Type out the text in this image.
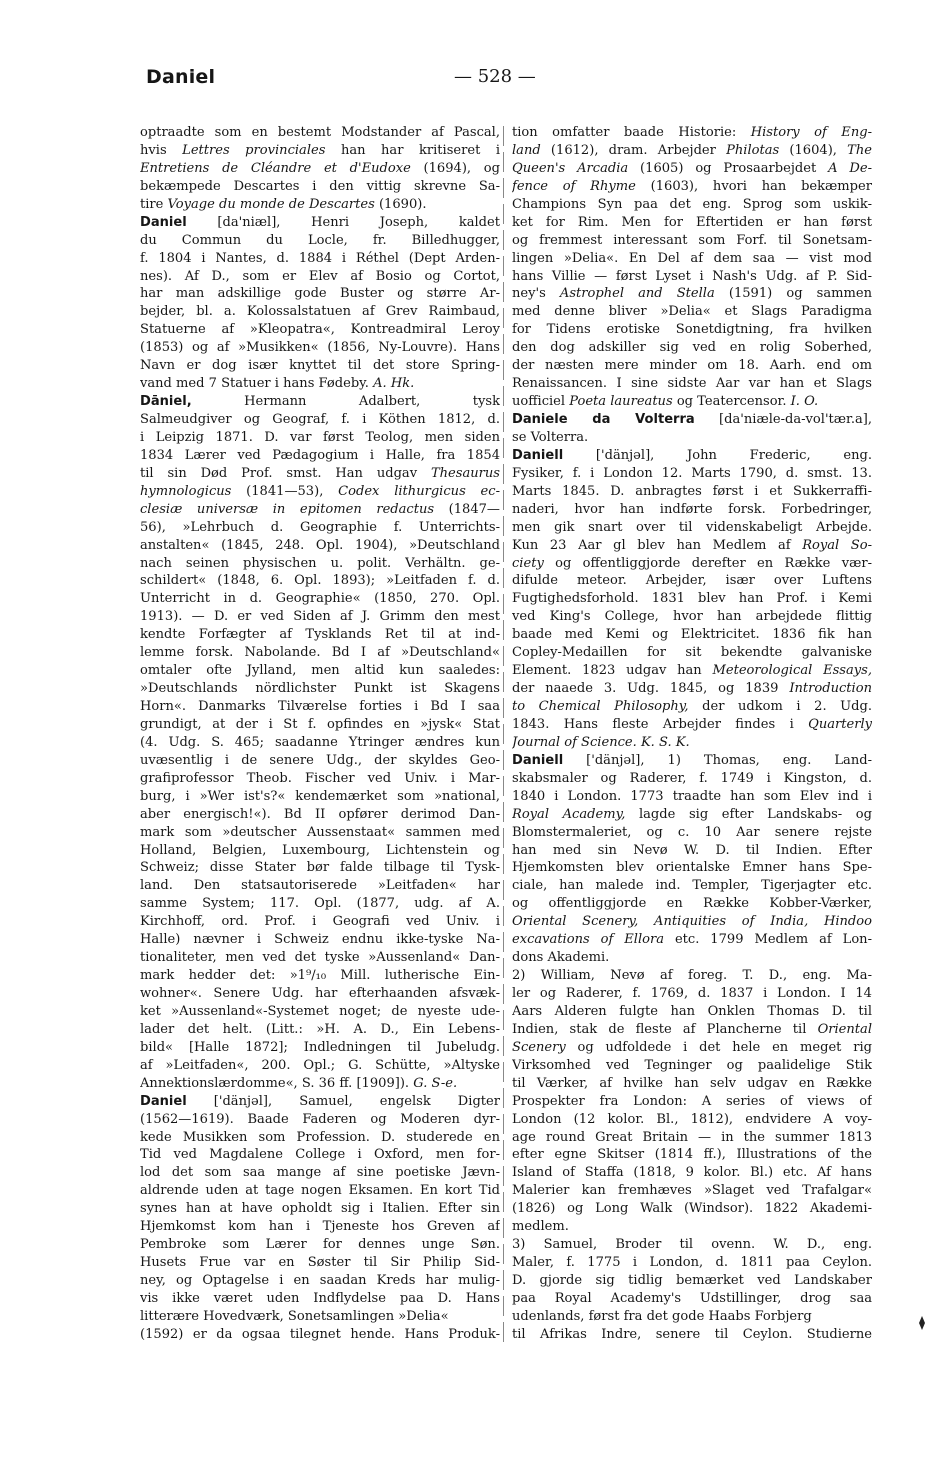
Daniel	— 528 —
optraadte som en bestemt Modstander af Pascal,
hvis Lettres provinciales han har kritiseret i
Entretiens de Cléandre et d'Eudoxe (1694), og
bekæmpede Descartes i den vittig skrevne Sa-
tire Voyage du monde de Descartes (1690).
Daniel [da'niæl], Henri Joseph, kaldet
du Commun du Locle, fr. Billedhugger,
f. 1804 i Nantes, d. 1884 i Réthel (Dept Arden-
nes). Af D., som er Elev af Bosio og Cortot,
har man adskillige gode Buster og større Ar-
bejder, bl. a. Kolossalstatuen af Grev Raimbaud,
Statuerne af »Kleopatra«, Kontreadmiral Leroy
(1853) og af »Musikken« (1856, Ny-Louvre). Hans
Navn er dog især knyttet til det store Spring-
vand med 7 Statuer i hans Fødeby. A. Hk.
Dāniel, Hermann Adalbert, tysk
Salmeudgiver og Geograf, f. i Köthen 1812, d.
i Leipzig 1871. D. var først Teolog, men siden
1834 Lærer ved Pædagogium i Halle, fra 1854
til sin Død Prof. smst. Han udgav Thesaurus
hymnologicus (1841—53), Codex lithurgicus ec-
clesiæ universæ in epitomen redactus (1847—
56), »Lehrbuch d. Geographie f. Unterrichts-
anstalten« (1845, 248. Opl. 1904), »Deutschland
nach seinen physischen u. polit. Verhältn. ge-
schildert« (1848, 6. Opl. 1893); »Leitfaden f. d.
Unterricht in d. Geographie« (1850, 270. Opl.
1913). — D. er ved Siden af J. Grimm den mest
kendte Forfægter af Tysklands Ret til at ind-
lemme forsk. Nabolande. Bd I af »Deutschland«
omtaler ofte Jylland, men altid kun saaledes:
»Deutschlands nördlichster Punkt ist Skagens
Horn«. Danmarks Tilværelse forties i Bd I saa
grundigt, at der i St f. opfindes en »jysk« Stat
(4. Udg. S. 465; saadanne Ytringer ændres kun
uvæsentlig i de senere Udg., der skyldes Geo-
grafiprofessor Theob. Fischer ved Univ. i Mar-
burg, i »Wer ist's?« kendemærket som »national,
aber energisch!«). Bd II opfører derimod Dan-
mark som »deutscher Aussenstaat« sammen med
Holland, Belgien, Luxembourg, Lichtenstein og
Schweiz; disse Stater bør falde tilbage til Tysk-
land. Den statsautoriserede »Leitfaden« har
samme System; 117. Opl. (1877, udg. af A.
Kirchhoff, ord. Prof. i Geografi ved Univ. i
Halle) nævner i Schweiz endnu ikke-tyske Na-
tionaliteter, men ved det tyske »Aussenland« Dan-
mark hedder det: »1⁹/₁₀ Mill. lutherische Ein-
wohner«. Senere Udg. har efterhaanden afsvæk-
ket »Aussenland«-Systemet noget; de nyeste ude-
lader det helt. (Litt.: »H. A. D., Ein Lebens-
bild« [Halle 1872]; Indledningen til Jubeludg.
af »Leitfaden«, 200. Opl.; G. Schütte, »Altyske
Annektionslærdomme«, S. 36 ff. [1909]). G. S-e.
Daniel ['dänjəl], Samuel, engelsk Digter
(1562—1619). Baade Faderen og Moderen dyr-
kede Musikken som Profession. D. studerede en
Tid ved Magdalene College i Oxford, men for-
lod det som saa mange af sine poetiske Jævn-
aldrende uden at tage nogen Eksamen. En kort Tid
synes han at have opholdt sig i Italien. Efter sin
Hjemkomst kom han i Tjeneste hos Greven af
Pembroke som Lærer for dennes unge Søn.
Husets Frue var en Søster til Sir Philip Sid-
ney, og Optagelse i en saadan Kreds har mulig-
vis ikke været uden Indflydelse paa D. Hans
litterære Hovedværk, Sonetsamlingen »Delia«
(1592) er da ogsaa tilegnet hende. Hans Produk-
tion omfatter baade Historie: History of Eng-
land (1612), dram. Arbejder Philotas (1604), The
Queen's Arcadia (1605) og Prosaarbejdet A De-
fence of Rhyme (1603), hvori han bekæmper
Champions Syn paa det eng. Sprog som uskik-
ket for Rim. Men for Eftertiden er han først
og fremmest interessant som Forf. til Sonetsam-
lingen »Delia«. En Del af dem saa — vist mod
hans Villie — først Lyset i Nash's Udg. af P. Sid-
ney's Astrophel and Stella (1591) og sammen
med denne bliver »Delia« et Slags Paradigma
for Tidens erotiske Sonetdigtning, fra hvilken
den dog adskiller sig ved en rolig Soberhed,
der næsten mere minder om 18. Aarh. end om
Renaissancen. I sine sidste Aar var han et Slags
uofficiel Poeta laureatus og Teatercensor. I. O.
Daniele da Volterra [da'niæle-da-vol'tær.a],
se Volterra.
Daniell ['dänjəl], John Frederic, eng.
Fysiker, f. i London 12. Marts 1790, d. smst. 13.
Marts 1845. D. anbragtes først i et Sukkerraffi-
naderi, hvor han indførte forsk. Forbedringer,
men gik snart over til videnskabeligt Arbejde.
Kun 23 Aar gl blev han Medlem af Royal So-
ciety og offentliggjorde derefter en Række vær-
difulde meteor. Arbejder, især over Luftens
Fugtighedsforhold. 1831 blev han Prof. i Kemi
ved King's College, hvor han arbejdede flittig
baade med Kemi og Elektricitet. 1836 fik han
Copley-Medaillen for sit bekendte galvaniske
Element. 1823 udgav han Meteorological Essays,
der naaede 3. Udg. 1845, og 1839 Introduction
to Chemical Philosophy, der udkom i 2. Udg.
1843. Hans fleste Arbejder findes i Quarterly
Journal of Science. K. S. K.
Daniell ['dänjəl], 1) Thomas, eng. Land-
skabsmaler og Raderer, f. 1749 i Kingston, d.
1840 i London. 1773 traadte han som Elev ind i
Royal Academy, lagde sig efter Landskabs- og
Blomstermaleriet, og c. 10 Aar senere rejste
han med sin Nevø W. D. til Indien. Efter
Hjemkomsten blev orientalske Emner hans Spe-
ciale, han malede ind. Templer, Tigerjagter etc.
og offentliggjorde en Række Kobber-Værker,
Oriental Scenery, Antiquities of India, Hindoo
excavations of Ellora etc. 1799 Medlem af Lon-
dons Akademi.
2) William, Nevø af foreg. T. D., eng. Ma-
ler og Raderer, f. 1769, d. 1837 i London. I 14
Aars Alderen fulgte han Onklen Thomas D. til
Indien, stak de fleste af Plancherne til Oriental
Scenery og udfoldede i det hele en meget rig
Virksomhed ved Tegninger og paalidelige Stik
til Værker, af hvilke han selv udgav en Række
Prospekter fra London: A series of views of
London (12 kolor. Bl., 1812), endvidere A voy-
age round Great Britain — in the summer 1813
efter egne Skitser (1814 ff.), Illustrations of the
Island of Staffa (1818, 9 kolor. Bl.) etc. Af hans
Malerier kan fremhæves »Slaget ved Trafalgar«
(1826) og Long Walk (Windsor). 1822 Akademi-
medlem.
3) Samuel, Broder til ovenn. W. D., eng.
Maler, f. 1775 i London, d. 1811 paa Ceylon.
D. gjorde sig tidlig bemærket ved Landskaber
paa Royal Academy's Udstillinger, drog saa
udenlands, først fra det gode Haabs Forbjerg
til Afrikas Indre, senere til Ceylon. Studierne
